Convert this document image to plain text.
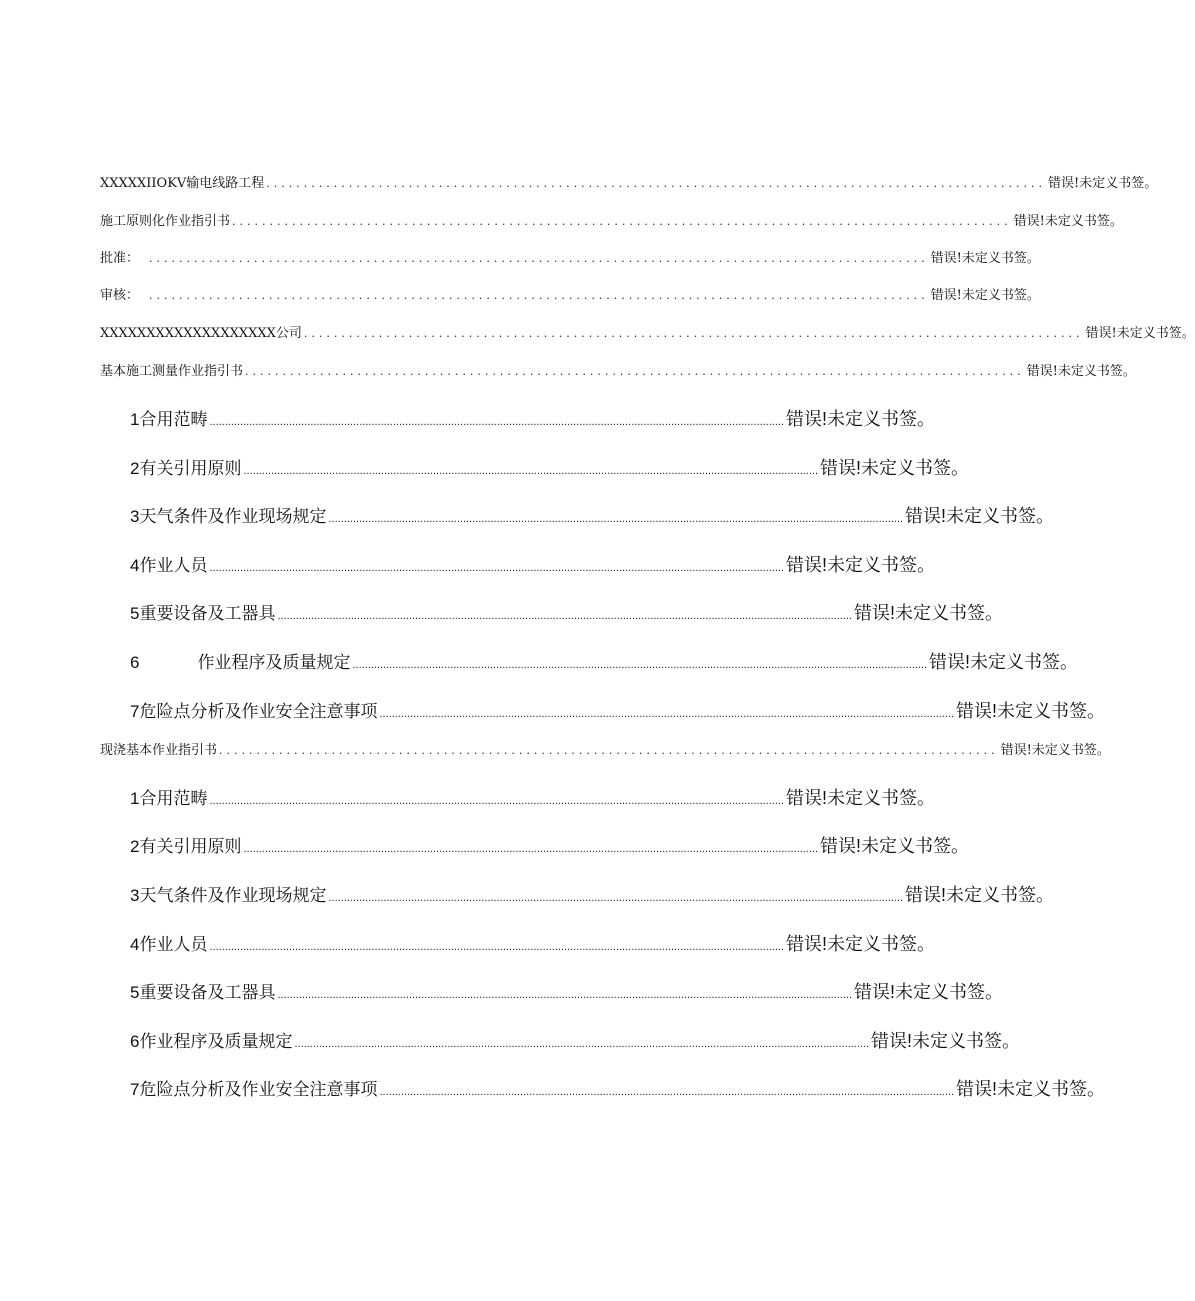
XXXXXIIOKV输电线路工程 ........................................................................................................ 错误!未定义书签。
施工原则化作业指引书 ........................................................................................................ 错误!未定义书签。
批准： ........................................................................................................ 错误!未定义书签。
审核： ........................................................................................................ 错误!未定义书签。
XXXXXXXXXXXXXXXXXXX公司 ........................................................................................................ 错误!未定义书签。
基本施工测量作业指引书 ........................................................................................................ 错误!未定义书签。
1合用范畴 ............................................................................................................................................................................................ 错误!未定义书签。
2有关引用原则 ............................................................................................................................................................................................ 错误!未定义书签。
3天气条件及作业现场规定 ............................................................................................................................................................................................ 错误!未定义书签。
4作业人员 ............................................................................................................................................................................................ 错误!未定义书签。
5重要设备及工器具 ............................................................................................................................................................................................ 错误!未定义书签。
6	作业程序及质量规定 ............................................................................................................................................................................................ 错误!未定义书签。
7危险点分析及作业安全注意事项 ............................................................................................................................................................................................ 错误!未定义书签。
现浇基本作业指引书 ........................................................................................................ 错误!未定义书签。
1合用范畴 ............................................................................................................................................................................................ 错误!未定义书签。
2有关引用原则 ............................................................................................................................................................................................ 错误!未定义书签。
3天气条件及作业现场规定 ............................................................................................................................................................................................ 错误!未定义书签。
4作业人员 ............................................................................................................................................................................................ 错误!未定义书签。
5重要设备及工器具 ............................................................................................................................................................................................ 错误!未定义书签。
6作业程序及质量规定 ............................................................................................................................................................................................ 错误!未定义书签。
7危险点分析及作业安全注意事项 ............................................................................................................................................................................................ 错误!未定义书签。
